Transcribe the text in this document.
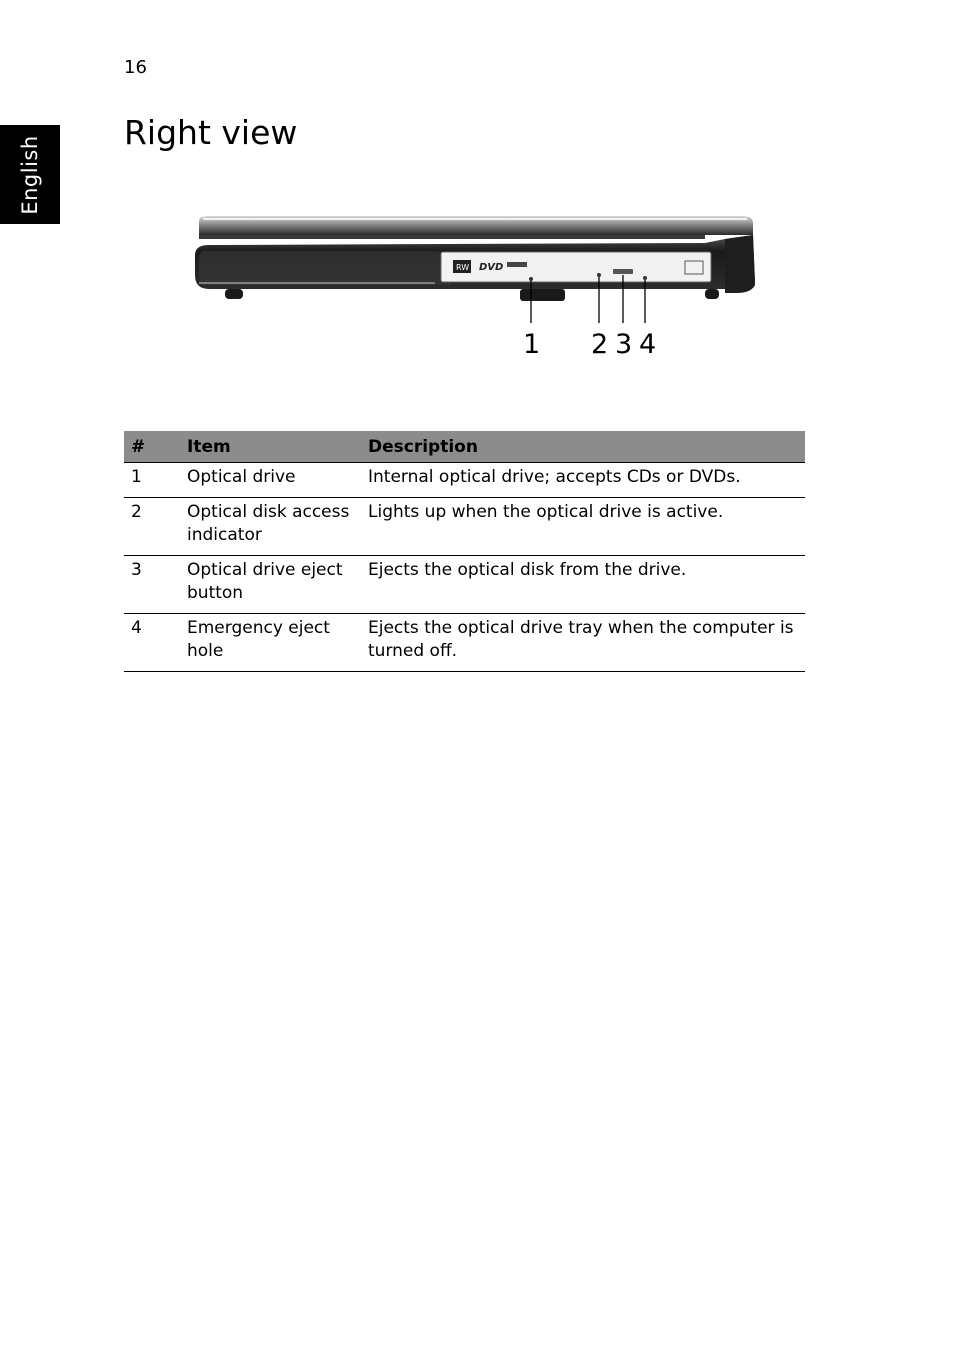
16
English
Right view
RW DVD
1 2 3 4
#	Item	Description
1	Optical drive	Internal optical drive; accepts CDs or DVDs.
2	Optical disk access indicator	Lights up when the optical drive is active.
3	Optical drive eject button	Ejects the optical disk from the drive.
4	Emergency eject hole	Ejects the optical drive tray when the computer is turned off.
